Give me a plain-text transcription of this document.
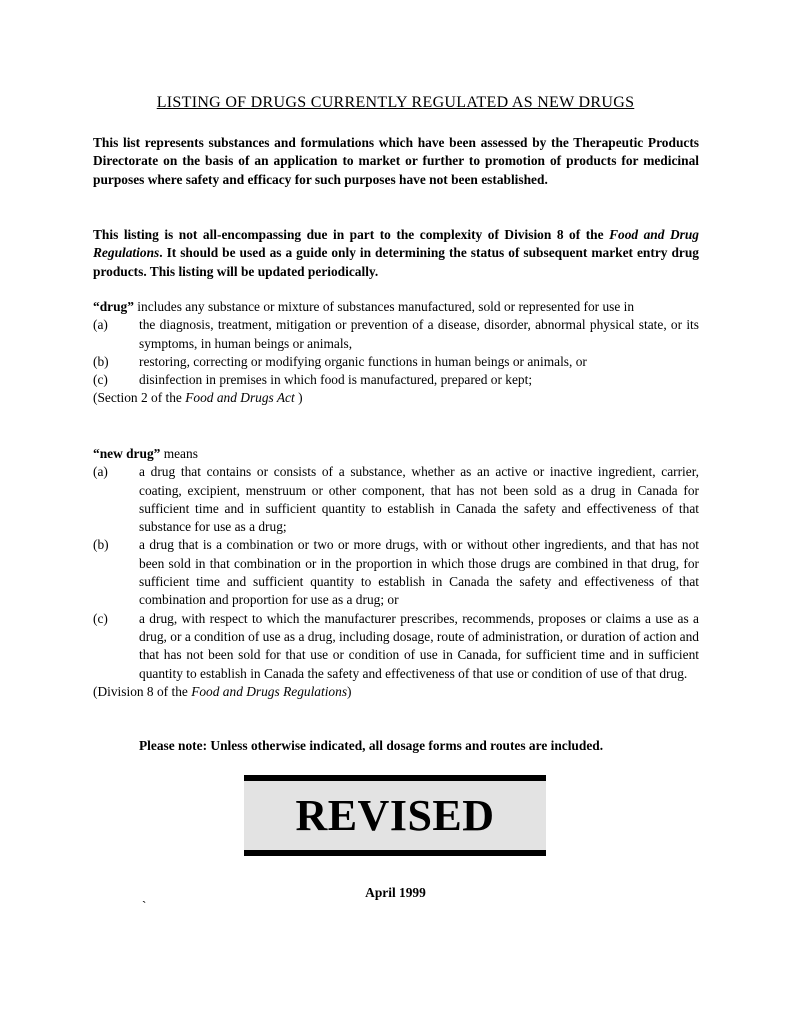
LISTING OF DRUGS CURRENTLY REGULATED AS NEW DRUGS

This list represents substances and formulations which have been assessed by the Therapeutic Products Directorate on the basis of an application to market or further to promotion of products for medicinal purposes where safety and efficacy for such purposes have not been established.

This listing is not all-encompassing due in part to the complexity of Division 8 of the Food and Drug Regulations. It should be used as a guide only in determining the status of subsequent market entry drug products. This listing will be updated periodically.

“drug” includes any substance or mixture of substances manufactured, sold or represented for use in
(a)	the diagnosis, treatment, mitigation or prevention of a disease, disorder, abnormal physical state, or its symptoms, in human beings or animals,
(b)	restoring, correcting or modifying organic functions in human beings or animals, or
(c)	disinfection in premises in which food is manufactured, prepared or kept;
(Section 2 of the Food and Drugs Act )
“new drug” means
(a)	a drug that contains or consists of a substance, whether as an active or inactive ingredient, carrier, coating, excipient, menstruum or other component, that has not been sold as a drug in Canada for sufficient time and in sufficient quantity to establish in Canada the safety and effectiveness of that substance for use as a drug;
(b)	a drug that is a combination or two or more drugs, with or without other ingredients, and that has not been sold in that combination or in the proportion in which those drugs are combined in that drug, for sufficient time and sufficient quantity to establish in Canada the safety and effectiveness of that combination and proportion for use as a drug; or
(c)	a drug, with respect to which the manufacturer prescribes, recommends, proposes or claims a use as a drug, or a condition of use as a drug, including dosage, route of administration, or duration of action and that has not been sold for that use or condition of use in Canada, for sufficient time and in sufficient quantity to establish in Canada the safety and effectiveness of that use or condition of use of that drug.
(Division 8 of the Food and Drugs Regulations)
Please note: Unless otherwise indicated, all dosage forms and routes are included.
REVISED
April 1999
`
